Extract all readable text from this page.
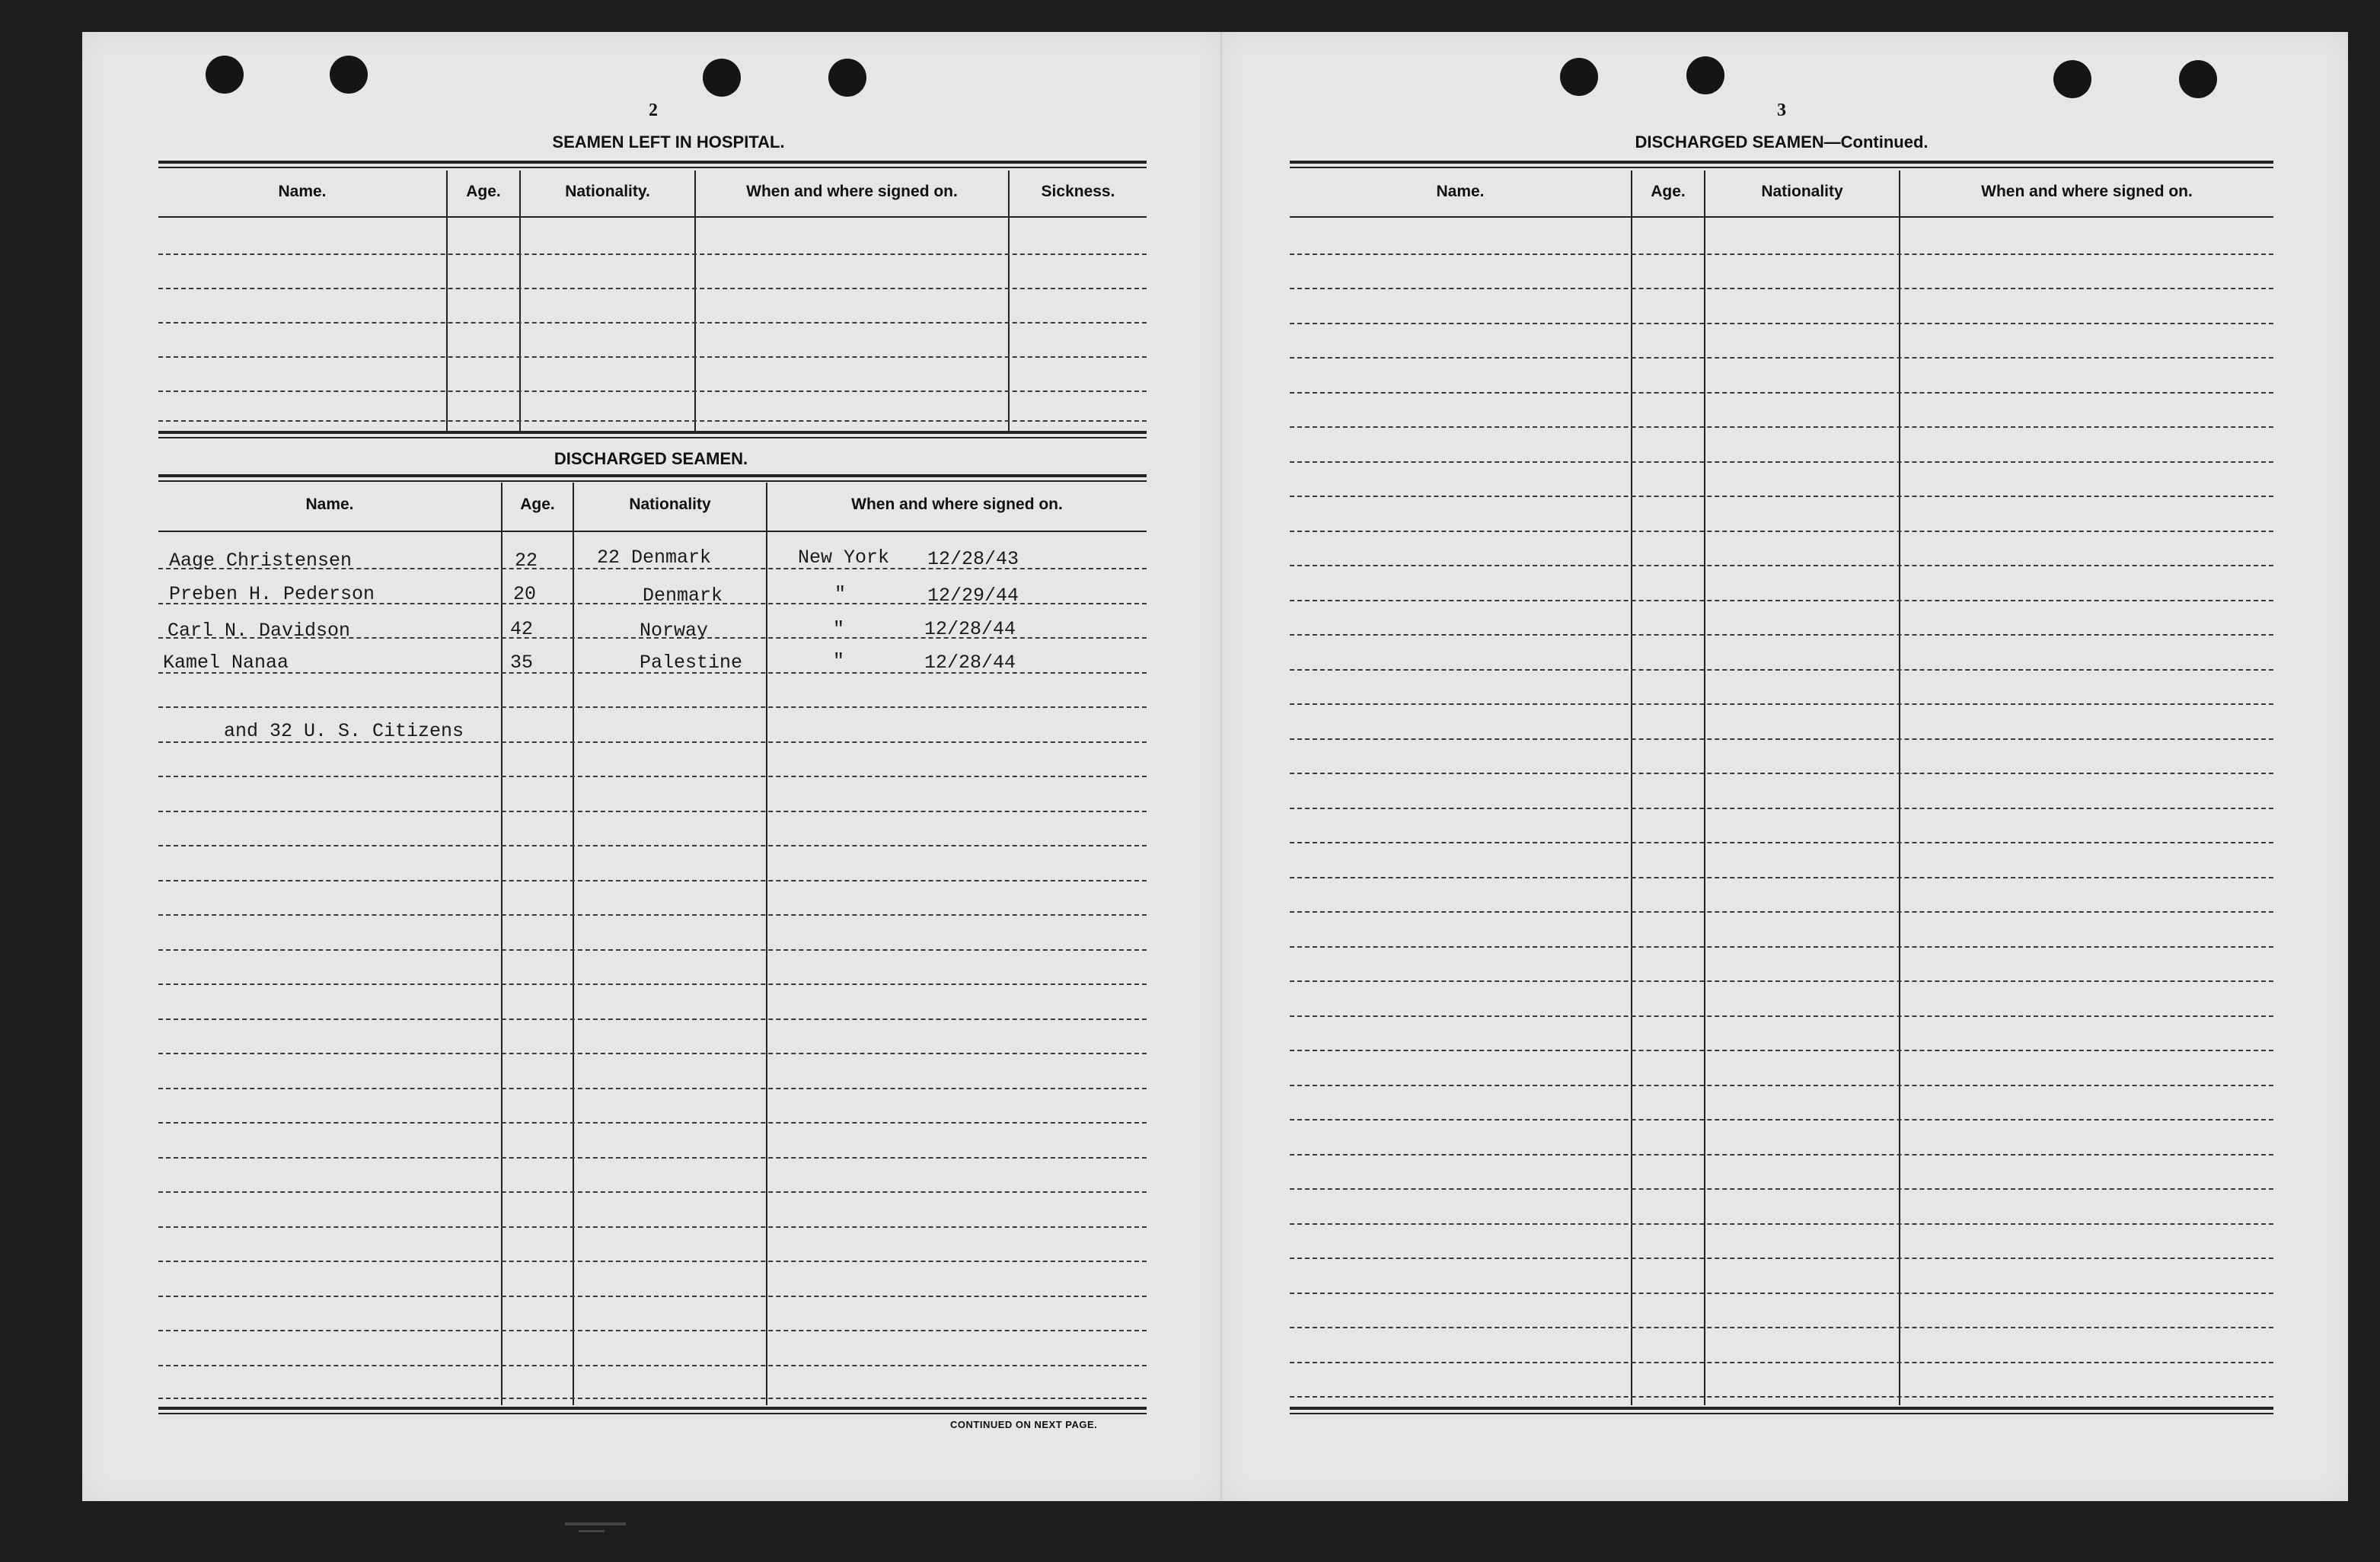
2
SEAMEN LEFT IN HOSPITAL.
Name.	Age.	Nationality.	When and where signed on.	Sickness.
DISCHARGED SEAMEN.
Name.	Age.	Nationality	When and where signed on.
Aage Christensen	22	22 Denmark	New York 12/28/43
Preben H. Pederson	20	Denmark	"	12/29/44
Carl N. Davidson	42	Norway	"	12/28/44
Kamel Nanaa	35	Palestine	"	12/28/44
and 32 U. S. Citizens
CONTINUED ON NEXT PAGE.
3
DISCHARGED SEAMEN—Continued.
Name.	Age.	Nationality	When and where signed on.
